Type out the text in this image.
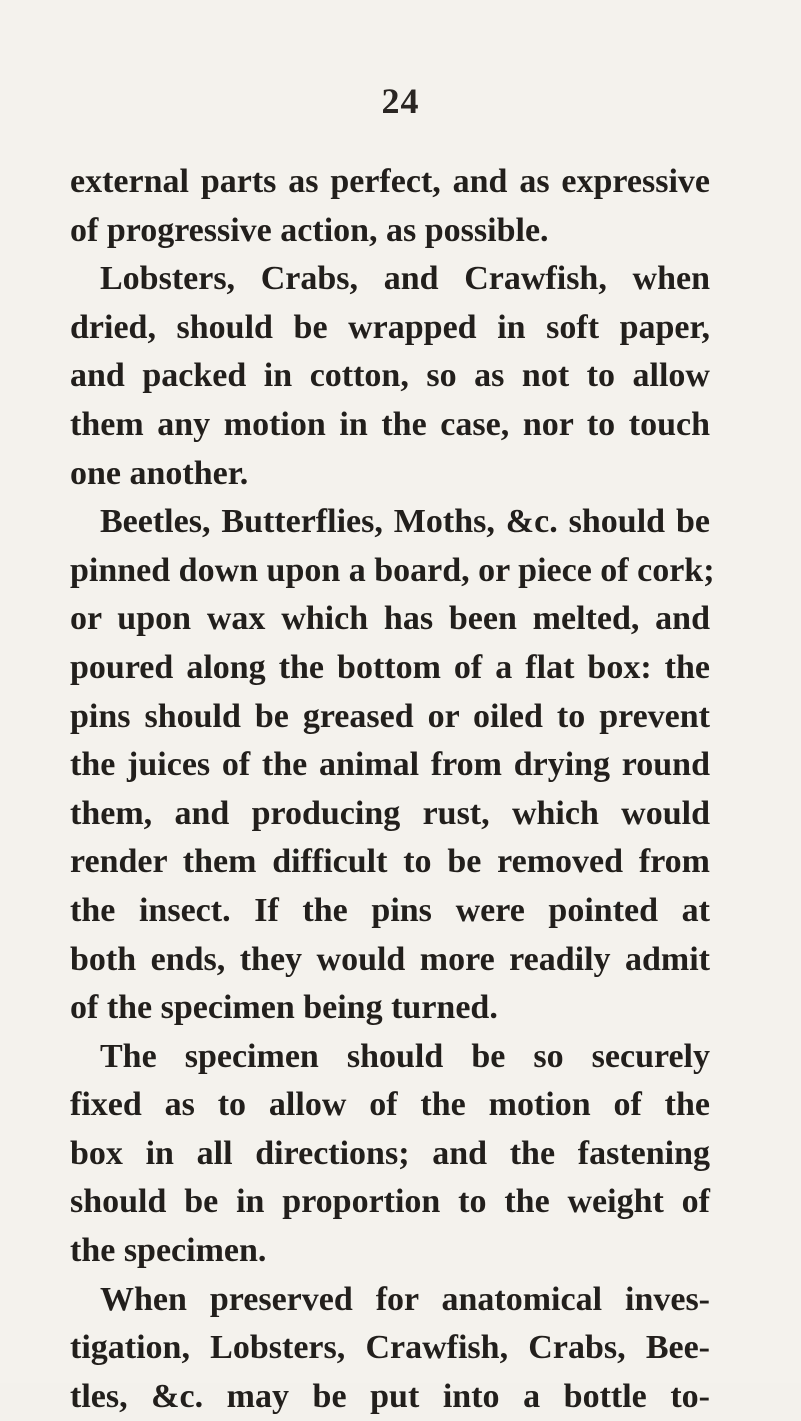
24
external parts as perfect, and as expressive
of progressive action, as possible.
Lobsters, Crabs, and Crawfish, when
dried, should be wrapped in soft paper,
and packed in cotton, so as not to allow
them any motion in the case, nor to touch
one another.
Beetles, Butterflies, Moths, &c. should be
pinned down upon a board, or piece of cork;
or upon wax which has been melted, and
poured along the bottom of a flat box: the
pins should be greased or oiled to prevent
the juices of the animal from drying round
them, and producing rust, which would
render them difficult to be removed from
the insect. If the pins were pointed at
both ends, they would more readily admit
of the specimen being turned.
The specimen should be so securely
fixed as to allow of the motion of the
box in all directions; and the fastening
should be in proportion to the weight of
the specimen.
When preserved for anatomical inves-
tigation, Lobsters, Crawfish, Crabs, Bee-
tles, &c. may be put into a bottle to-
